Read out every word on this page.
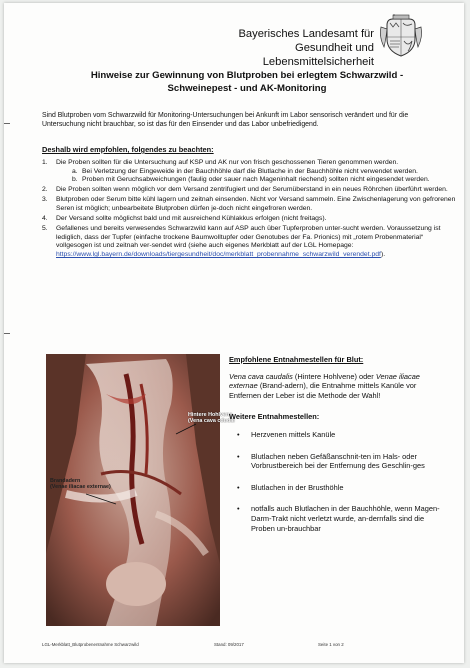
Bayerisches Landesamt für
Gesundheit und Lebensmittelsicherheit
Hinweise zur Gewinnung von Blutproben bei erlegtem Schwarzwild -
Schweinepest - und AK-Monitoring
Sind Blutproben vom Schwarzwild für Monitoring-Untersuchungen bei Ankunft im Labor sensorisch verändert und für die Untersuchung nicht brauchbar, so ist das für den Einsender und das Labor unbefriedigend.
Deshalb wird empfohlen, folgendes zu beachten:
1. Die Proben sollten für die Untersuchung auf KSP und AK nur von frisch geschossenen Tieren genommen werden.
a. Bei Verletzung der Eingeweide in der Bauchhöhle darf die Blutlache in der Bauchhöhle nicht verwendet werden.
b. Proben mit Geruchsabweichungen (faulig oder sauer nach Mageninhalt riechend) sollten nicht eingesendet werden.
2. Die Proben sollten wenn möglich vor dem Versand zentrifugiert und der Serumüberstand in ein neues Röhrchen überführt werden.
3. Blutproben oder Serum bitte kühl lagern und zeitnah einsenden. Nicht vor Versand sammeln. Eine Zwischenlagerung von gefrorenen Seren ist möglich; unbearbeitete Blutproben dürfen je-doch nicht eingefroren werden.
4. Der Versand sollte möglichst bald und mit ausreichend Kühlakkus erfolgen (nicht freitags).
5. Gefallenes und bereits verwesendes Schwarzwild kann auf ASP auch über Tupferproben unter-sucht werden. Voraussetzung ist lediglich, dass der Tupfer (einfache trockene Baumwolltupfer oder Genotubes der Fa. Prionics) mit „rotem Probenmaterial“ vollgesogen ist und zeitnah ver-sendet wird (siehe auch eigenes Merkblatt auf der LGL Homepage: https://www.lgl.bayern.de/downloads/tiergesundheit/doc/merkblatt_probennahme_schwarzwild_verendet.pdf).
Hintere Hohlvene
(Vena cava cdudal
Brandadern
(Venae iliacae externae)
Empfohlene Entnahmestellen für Blut:
Vena cava caudalis (Hintere Hohlvene) oder Venae iliacae externae (Brand-adern), die Entnahme mittels Kanüle vor Entfernen der Leber ist die Methode der Wahl!
Weitere Entnahmestellen:
• Herzvenen mittels Kanüle
• Blutlachen neben Gefäßanschnit-ten im Hals- oder Vorbrustbereich bei der Entfernung des Geschlin-ges
• Blutlachen in der Brusthöhle
• notfalls auch Blutlachen in der Bauchhöhle, wenn Magen-Darm-Trakt nicht verletzt wurde, an-dernfalls sind die Proben un-brauchbar
LGL-Merkblatt_Blutprobenentnahme Schwarzwild	Stand: 09/2017	Seite 1 von 2
